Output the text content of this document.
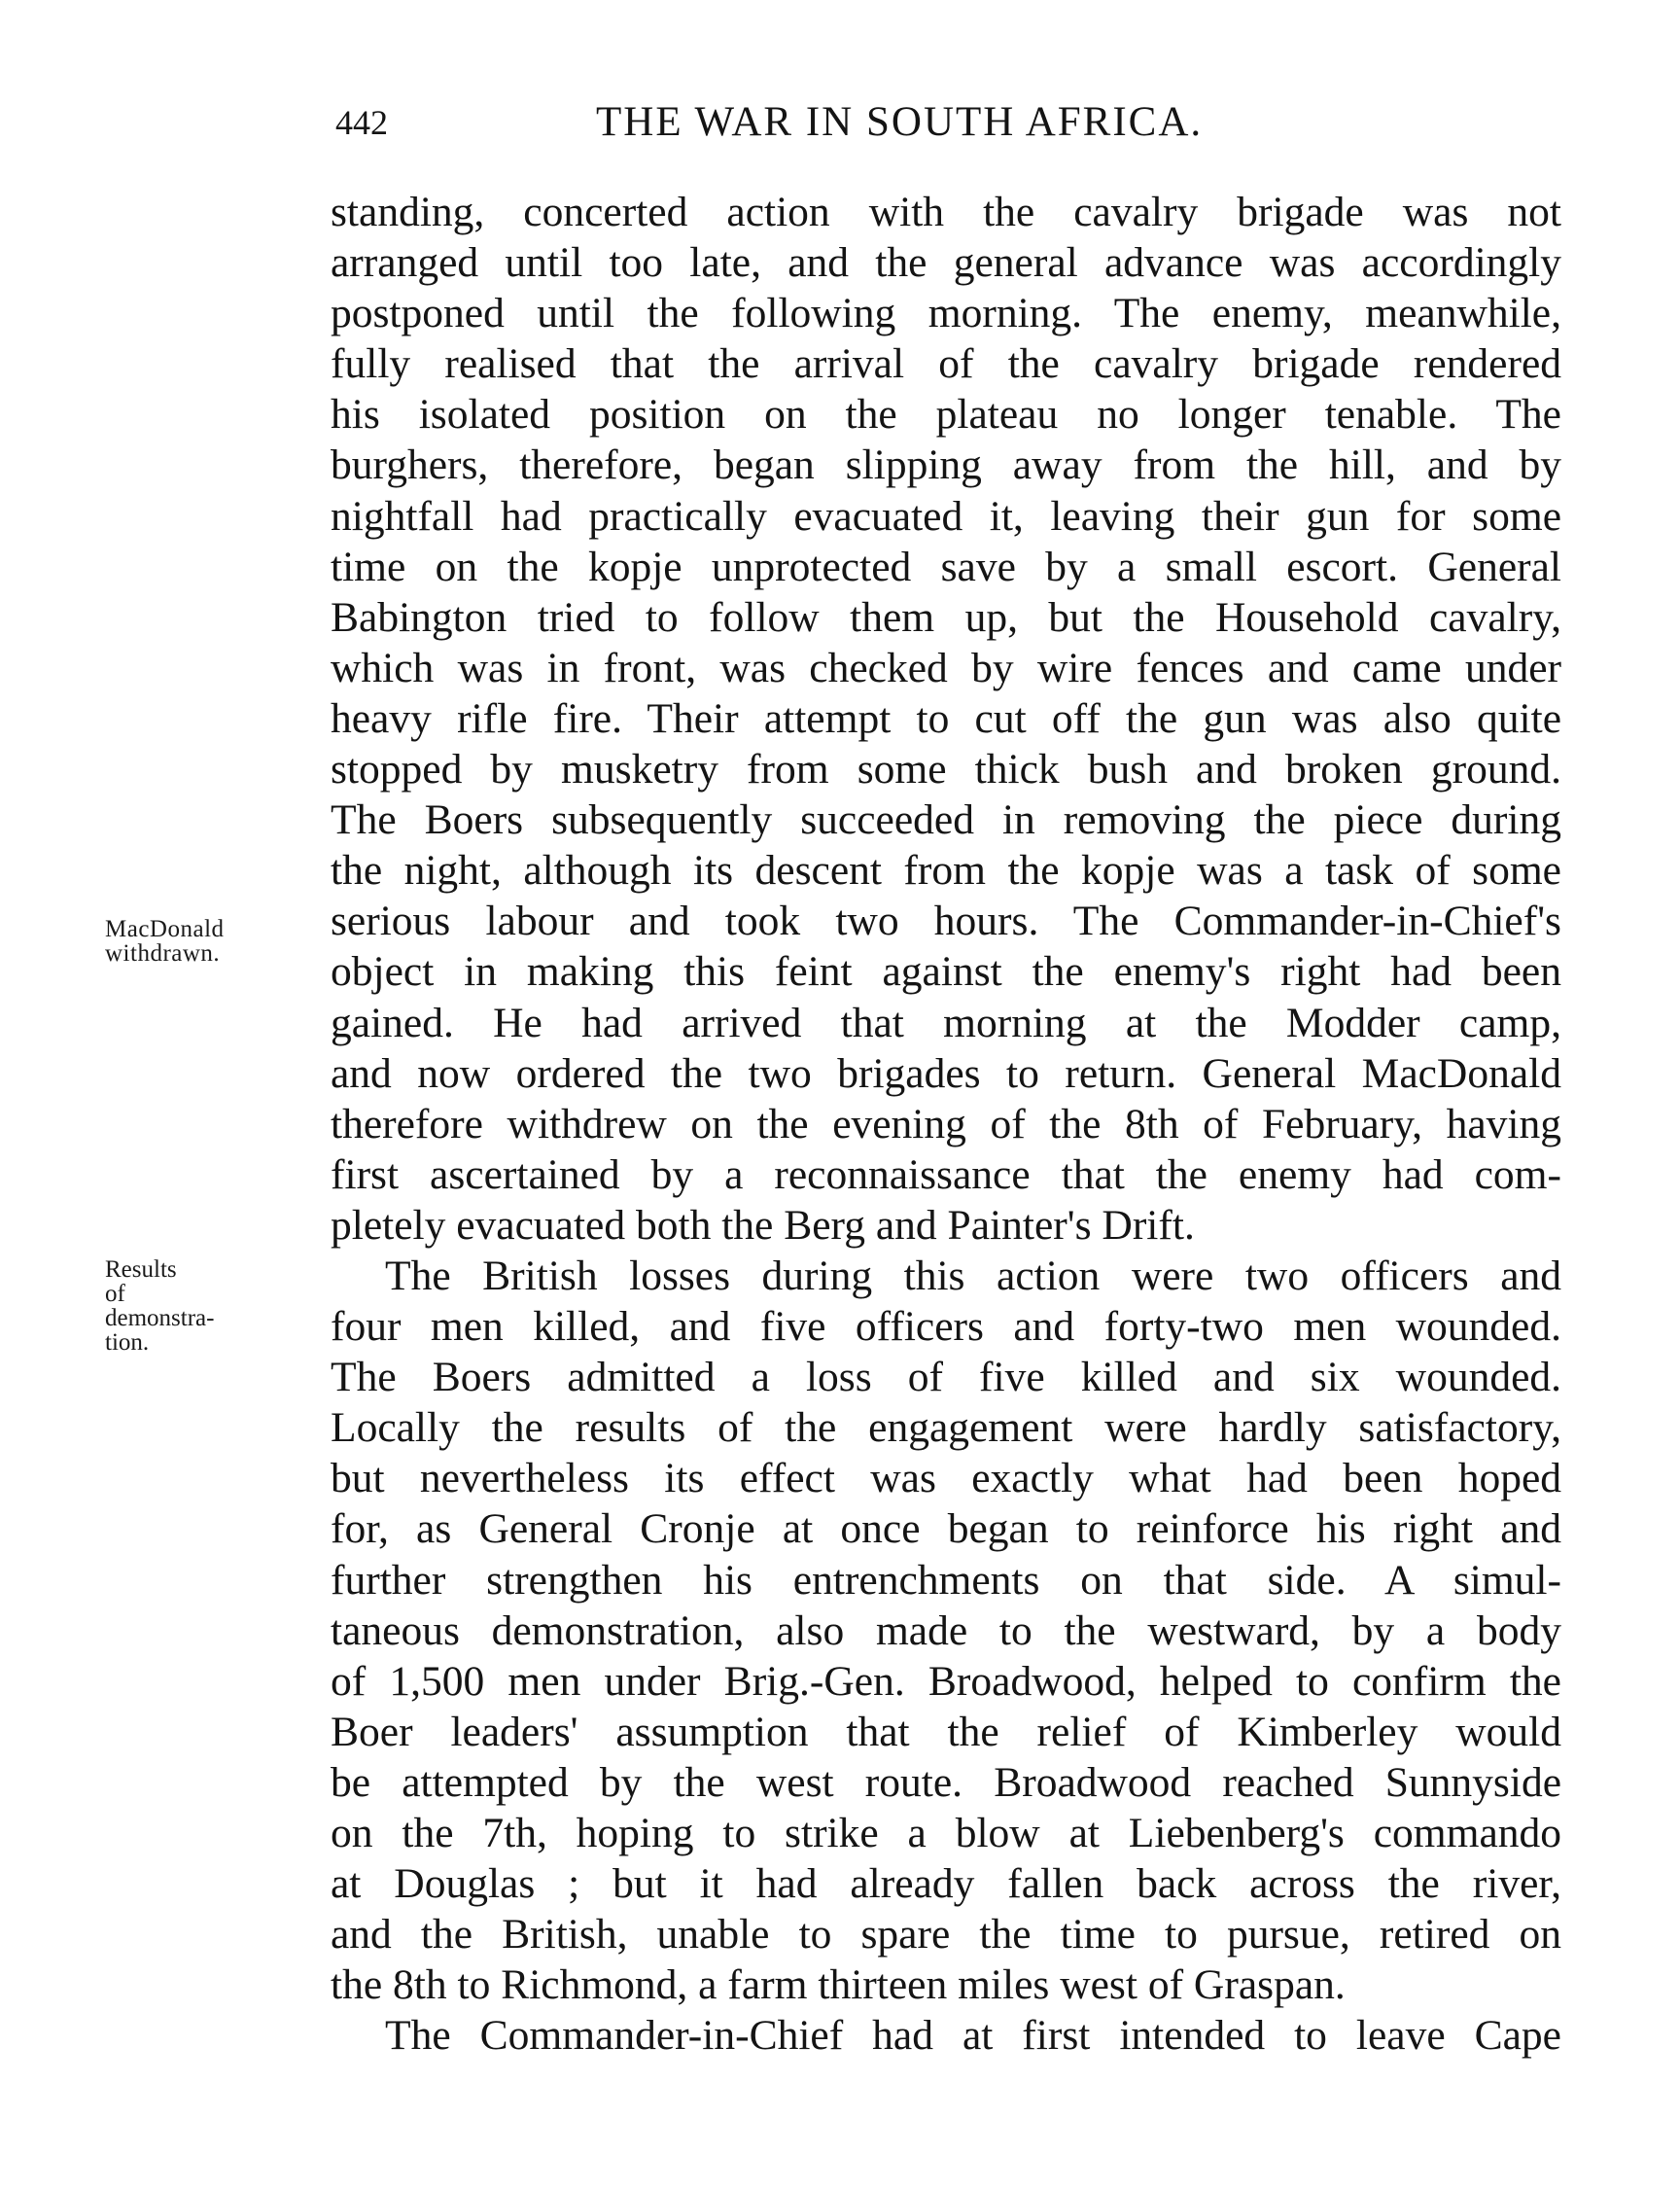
442	THE WAR IN SOUTH AFRICA.
MacDonald
withdrawn.
Results
of
demonstra-
tion.
standing, concerted action with the cavalry brigade was not
arranged until too late, and the general advance was accordingly
postponed until the following morning. The enemy, meanwhile,
fully realised that the arrival of the cavalry brigade rendered
his isolated position on the plateau no longer tenable. The
burghers, therefore, began slipping away from the hill, and by
nightfall had practically evacuated it, leaving their gun for some
time on the kopje unprotected save by a small escort. General
Babington tried to follow them up, but the Household cavalry,
which was in front, was checked by wire fences and came under
heavy rifle fire. Their attempt to cut off the gun was also quite
stopped by musketry from some thick bush and broken ground.
The Boers subsequently succeeded in removing the piece during
the night, although its descent from the kopje was a task of some
serious labour and took two hours. The Commander-in-Chief's
object in making this feint against the enemy's right had been
gained. He had arrived that morning at the Modder camp,
and now ordered the two brigades to return. General MacDonald
therefore withdrew on the evening of the 8th of February, having
first ascertained by a reconnaissance that the enemy had com-
pletely evacuated both the Berg and Painter's Drift.
The British losses during this action were two officers and
four men killed, and five officers and forty-two men wounded.
The Boers admitted a loss of five killed and six wounded.
Locally the results of the engagement were hardly satisfactory,
but nevertheless its effect was exactly what had been hoped
for, as General Cronje at once began to reinforce his right and
further strengthen his entrenchments on that side. A simul-
taneous demonstration, also made to the westward, by a body
of 1,500 men under Brig.-Gen. Broadwood, helped to confirm the
Boer leaders' assumption that the relief of Kimberley would
be attempted by the west route. Broadwood reached Sunnyside
on the 7th, hoping to strike a blow at Liebenberg's commando
at Douglas ; but it had already fallen back across the river,
and the British, unable to spare the time to pursue, retired on
the 8th to Richmond, a farm thirteen miles west of Graspan.
The Commander-in-Chief had at first intended to leave Cape
